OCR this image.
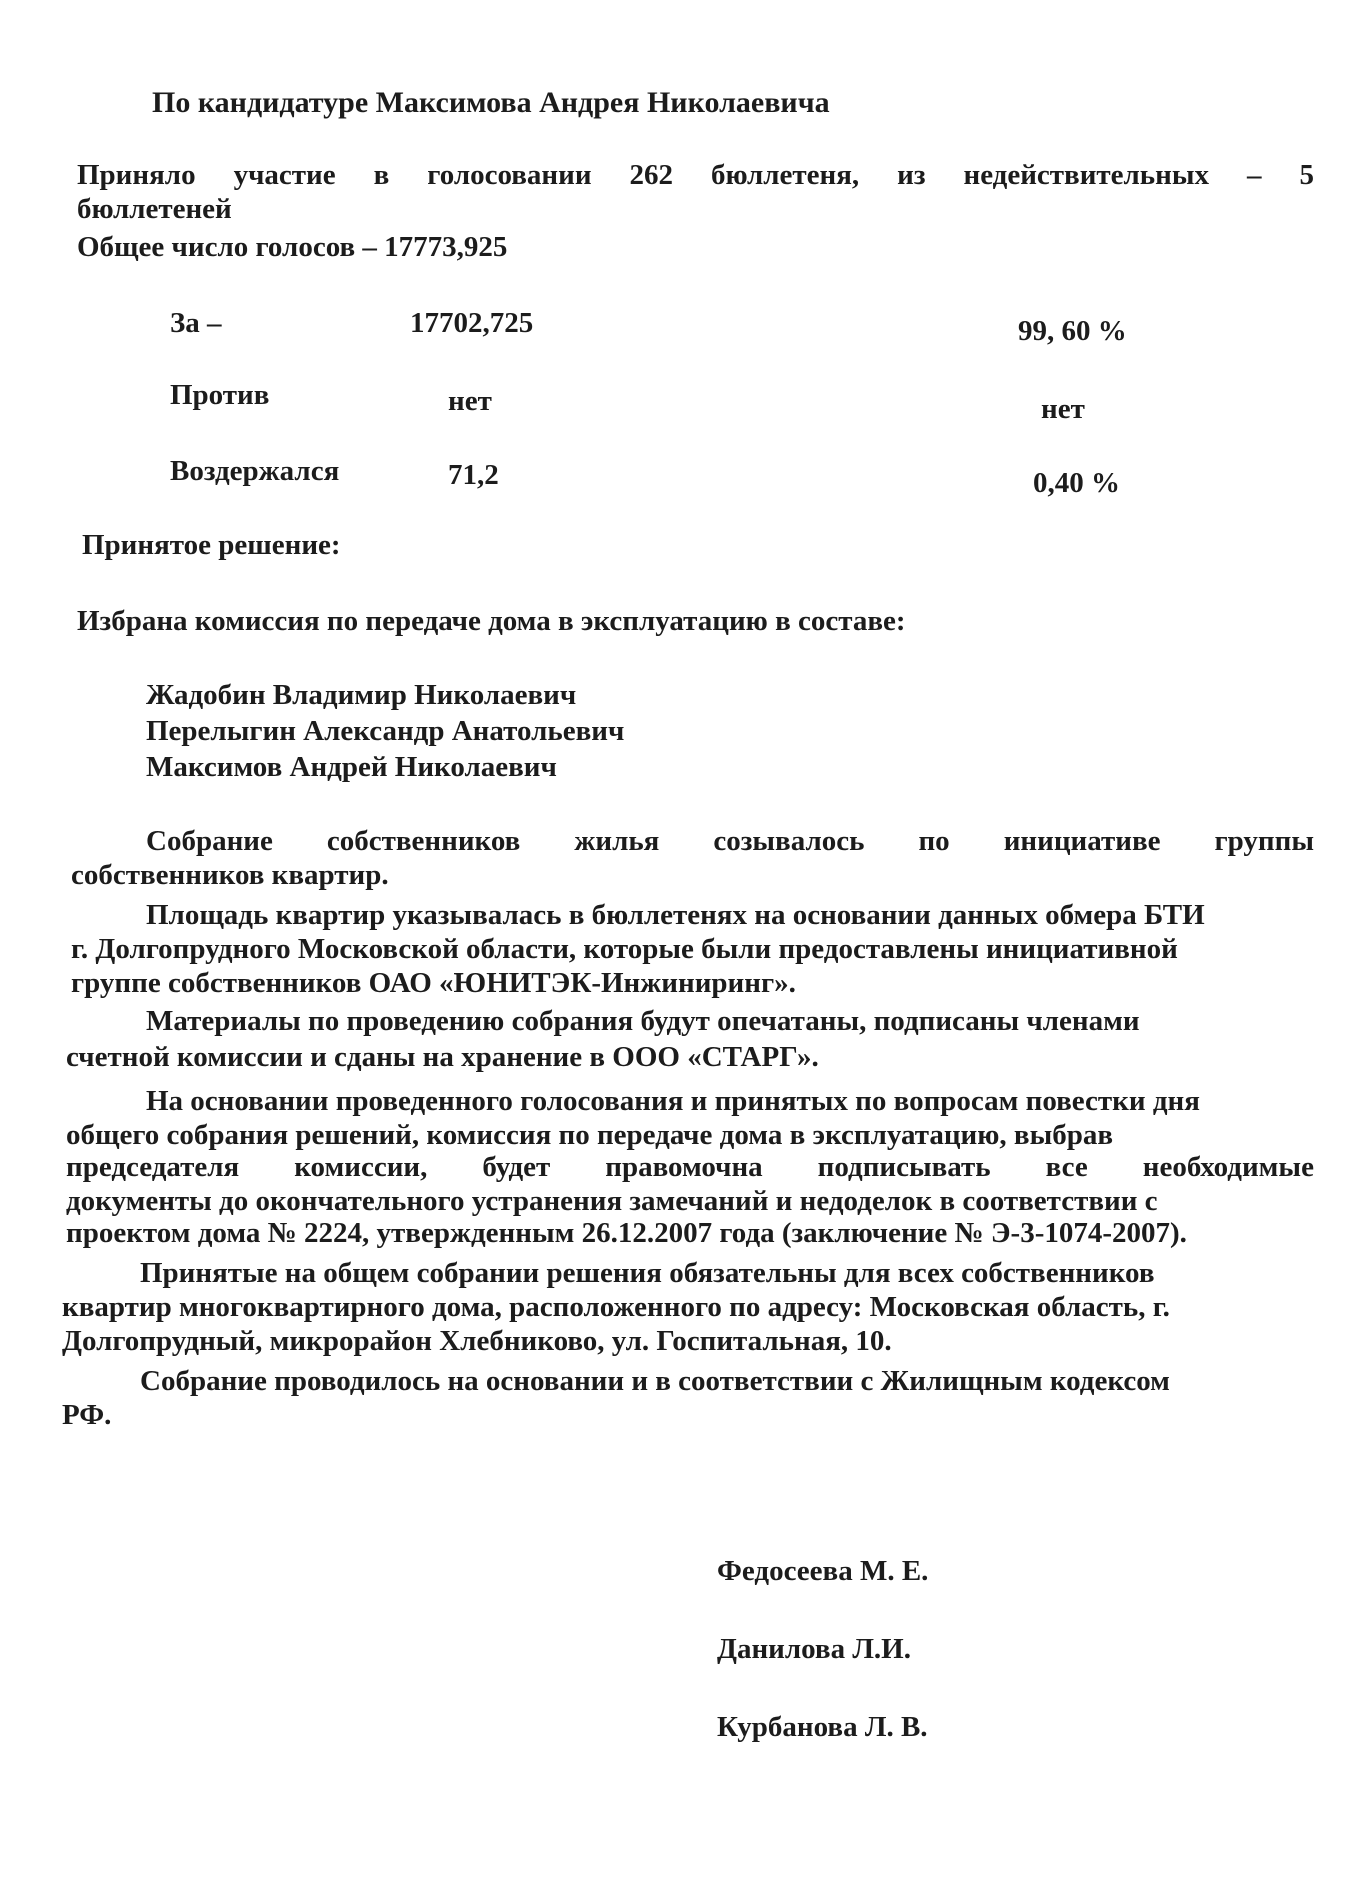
По кандидатуре Максимова Андрея Николаевича
Приняло участие в голосовании 262 бюллетеня, из недействительных – 5
бюллетеней
Общее число голосов – 17773,925
За –	17702,725	99, 60 %
Против	нет	нет
Воздержался	71,2	0,40 %
Принятое решение:
Избрана комиссия по передаче дома в эксплуатацию в составе:
Жадобин Владимир Николаевич
Перелыгин Александр Анатольевич
Максимов Андрей Николаевич
Собрание собственников жилья созывалось по инициативе группы
собственников квартир.
Площадь квартир указывалась в бюллетенях на основании данных обмера БТИ
г. Долгопрудного Московской области, которые были предоставлены инициативной
группе собственников ОАО «ЮНИТЭК-Инжиниринг».
Материалы по проведению собрания будут опечатаны, подписаны членами
счетной комиссии и сданы на хранение в ООО «СТАРГ».
На основании проведенного голосования и принятых по вопросам повестки дня
общего собрания решений, комиссия по передаче дома в эксплуатацию, выбрав
председателя комиссии, будет правомочна подписывать все необходимые
документы до окончательного устранения замечаний и недоделок в соответствии с
проектом дома № 2224, утвержденным 26.12.2007 года (заключение № Э-3-1074-2007).
Принятые на общем собрании решения обязательны для всех собственников
квартир многоквартирного дома, расположенного по адресу: Московская область, г.
Долгопрудный, микрорайон Хлебниково, ул. Госпитальная, 10.
Собрание проводилось на основании и в соответствии с Жилищным кодексом
РФ.
Федосеева М. Е.
Данилова Л.И.
Курбанова Л. В.
